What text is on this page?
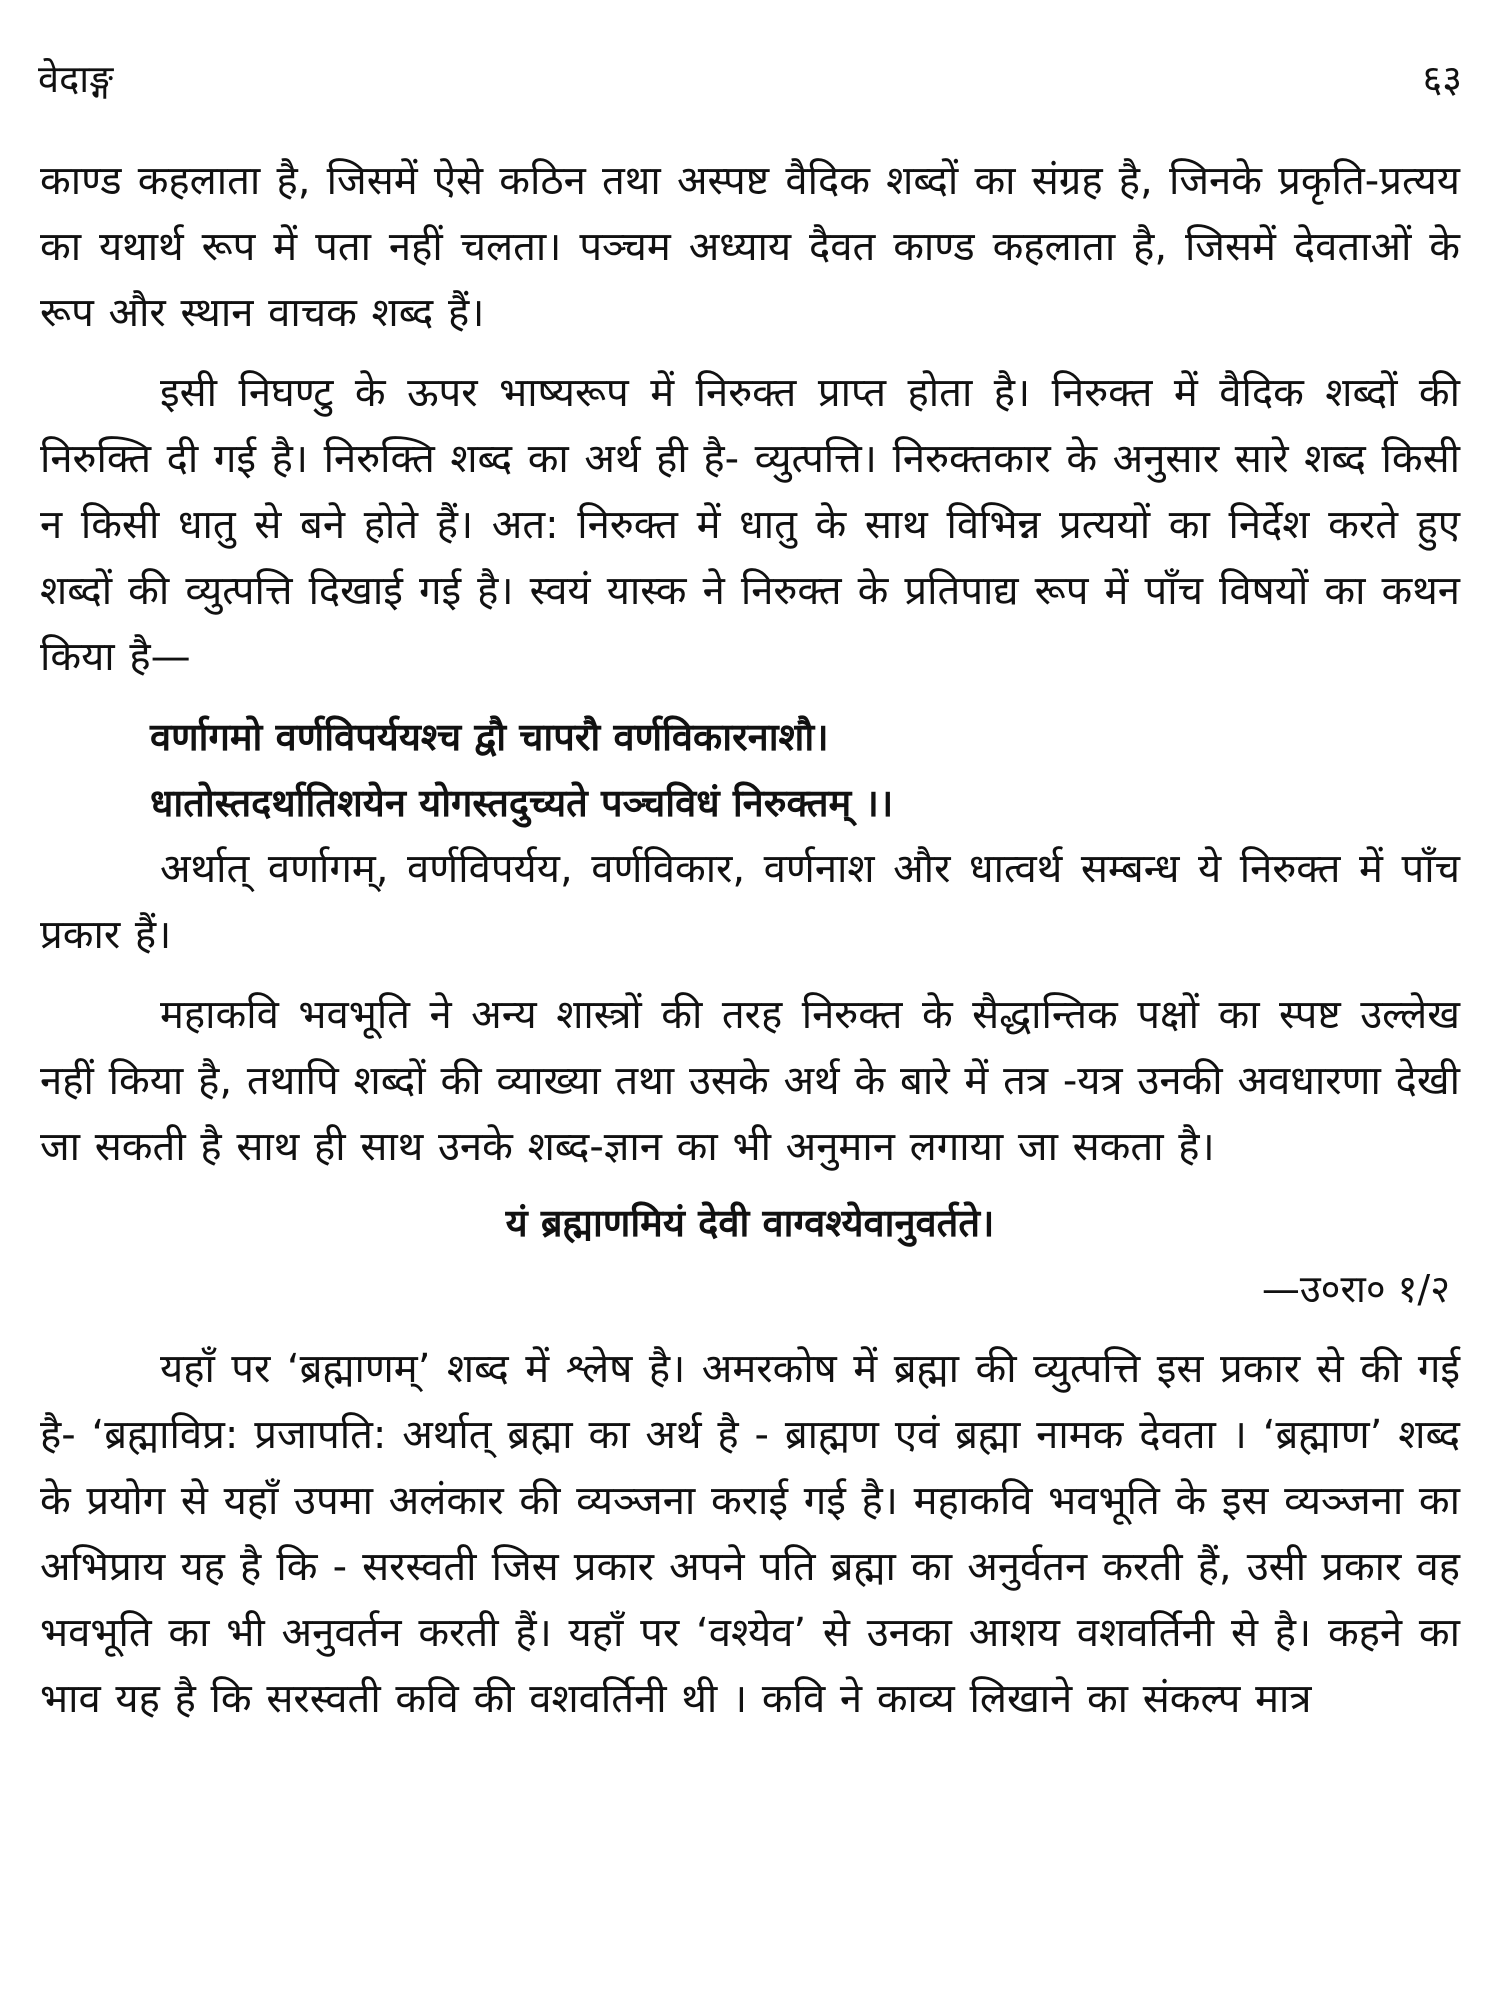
वेदाङ्ग	६३

काण्ड कहलाता है, जिसमें ऐसे कठिन तथा अस्पष्ट वैदिक शब्दों का संग्रह है, जिनके प्रकृति-प्रत्यय का यथार्थ रूप में पता नहीं चलता। पञ्चम अध्याय दैवत काण्ड कहलाता है, जिसमें देवताओं के रूप और स्थान वाचक शब्द हैं।

इसी निघण्टु के ऊपर भाष्यरूप में निरुक्त प्राप्त होता है। निरुक्त में वैदिक शब्दों की निरुक्ति दी गई है। निरुक्ति शब्द का अर्थ ही है- व्युत्पत्ति। निरुक्तकार के अनुसार सारे शब्द किसी न किसी धातु से बने होते हैं। अत: निरुक्त में धातु के साथ विभिन्न प्रत्ययों का निर्देश करते हुए शब्दों की व्युत्पत्ति दिखाई गई है। स्वयं यास्क ने निरुक्त के प्रतिपाद्य रूप में पाँच विषयों का कथन किया है—

वर्णागमो वर्णविपर्ययश्च द्वौ चापरौ वर्णविकारनाशौ।

धातोस्तदर्थातिशयेन योगस्तदुच्यते पञ्चविधं निरुक्तम् ।।

अर्थात् वर्णागम्, वर्णविपर्यय, वर्णविकार, वर्णनाश और धात्वर्थ सम्बन्ध ये निरुक्त में पाँच प्रकार हैं।

महाकवि भवभूति ने अन्य शास्त्रों की तरह निरुक्त के सैद्धान्तिक पक्षों का स्पष्ट उल्लेख नहीं किया है, तथापि शब्दों की व्याख्या तथा उसके अर्थ के बारे में तत्र -यत्र उनकी अवधारणा देखी जा सकती है साथ ही साथ उनके शब्द-ज्ञान का भी अनुमान लगाया जा सकता है।

यं ब्रह्माणमियं देवी वाग्वश्येवानुवर्तते।

—उ०रा० १/२

यहाँ पर ‘ब्रह्माणम्’ शब्द में श्लेष है। अमरकोष में ब्रह्मा की व्युत्पत्ति इस प्रकार से की गई है- ‘ब्रह्माविप्र: प्रजापति: अर्थात् ब्रह्मा का अर्थ है - ब्राह्मण एवं ब्रह्मा नामक देवता । ‘ब्रह्माण’ शब्द के प्रयोग से यहाँ उपमा अलंकार की व्यञ्जना कराई गई है। महाकवि भवभूति के इस व्यञ्जना का अभिप्राय यह है कि - सरस्वती जिस प्रकार अपने पति ब्रह्मा का अनुर्वतन करती हैं, उसी प्रकार वह भवभूति का भी अनुवर्तन करती हैं। यहाँ पर ‘वश्येव’ से उनका आशय वशवर्तिनी से है। कहने का भाव यह है कि सरस्वती कवि की वशवर्तिनी थी । कवि ने काव्य लिखाने का संकल्प मात्र
